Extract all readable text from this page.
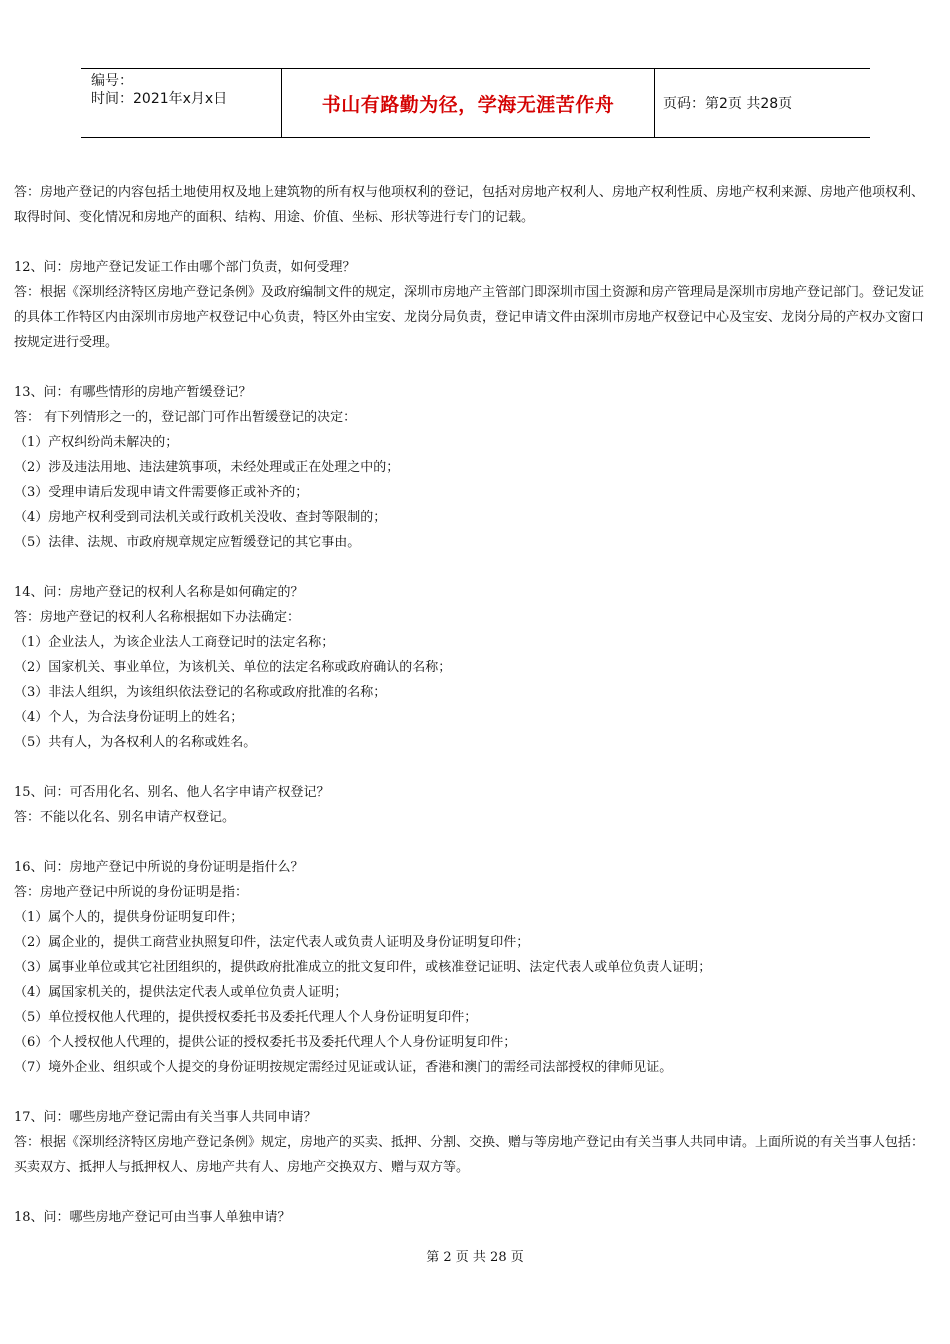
编号：
时间：2021年x月x日	书山有路勤为径，学海无涯苦作舟	页码：第2页 共28页

答：房地产登记的内容包括土地使用权及地上建筑物的所有权与他项权利的登记，包括对房地产权利人、房地产权利性质、房地产权利来源、房地产他项权利、取得时间、变化情况和房地产的面积、结构、用途、价值、坐标、形状等进行专门的记载。

12、问：房地产登记发证工作由哪个部门负责，如何受理？

答：根据《深圳经济特区房地产登记条例》及政府编制文件的规定，深圳市房地产主管部门即深圳市国土资源和房产管理局是深圳市房地产登记部门。登记发证的具体工作特区内由深圳市房地产权登记中心负责，特区外由宝安、龙岗分局负责，登记申请文件由深圳市房地产权登记中心及宝安、龙岗分局的产权办文窗口按规定进行受理。

13、问：有哪些情形的房地产暂缓登记？

答： 有下列情形之一的，登记部门可作出暂缓登记的决定：

（1）产权纠纷尚未解决的；

（2）涉及违法用地、违法建筑事项，未经处理或正在处理之中的；

（3）受理申请后发现申请文件需要修正或补齐的；

（4）房地产权利受到司法机关或行政机关没收、查封等限制的；

（5）法律、法规、市政府规章规定应暂缓登记的其它事由。

14、问：房地产登记的权利人名称是如何确定的？

答：房地产登记的权利人名称根据如下办法确定：

（1）企业法人，为该企业法人工商登记时的法定名称；

（2）国家机关、事业单位，为该机关、单位的法定名称或政府确认的名称；

（3）非法人组织，为该组织依法登记的名称或政府批准的名称；

（4）个人，为合法身份证明上的姓名；

（5）共有人，为各权利人的名称或姓名。

15、问：可否用化名、别名、他人名字申请产权登记？

答：不能以化名、别名申请产权登记。

16、问：房地产登记中所说的身份证明是指什么？

答：房地产登记中所说的身份证明是指：

（1）属个人的，提供身份证明复印件；

（2）属企业的，提供工商营业执照复印件，法定代表人或负责人证明及身份证明复印件；

（3）属事业单位或其它社团组织的，提供政府批准成立的批文复印件，或核准登记证明、法定代表人或单位负责人证明；

（4）属国家机关的，提供法定代表人或单位负责人证明；

（5）单位授权他人代理的，提供授权委托书及委托代理人个人身份证明复印件；

（6）个人授权他人代理的，提供公证的授权委托书及委托代理人个人身份证明复印件；

（7）境外企业、组织或个人提交的身份证明按规定需经过见证或认证，香港和澳门的需经司法部授权的律师见证。

17、问：哪些房地产登记需由有关当事人共同申请？

答：根据《深圳经济特区房地产登记条例》规定，房地产的买卖、抵押、分割、交换、赠与等房地产登记由有关当事人共同申请。上面所说的有关当事人包括：买卖双方、抵押人与抵押权人、房地产共有人、房地产交换双方、赠与双方等。

18、问：哪些房地产登记可由当事人单独申请？

第 2 页 共 28 页
